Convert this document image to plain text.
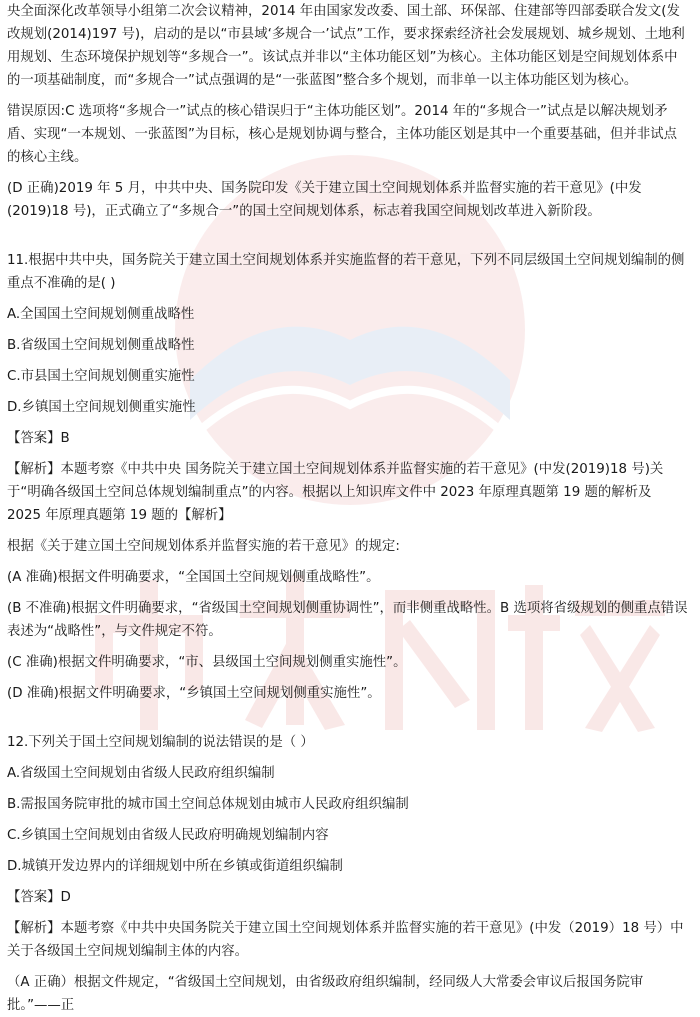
央全面深化改革领导小组第二次会议精神，2014 年由国家发改委、国土部、环保部、住建部等四部委联合发文(发改规划(2014)197 号)，启动的是以“市县域‘多规合一’试点”工作，要求探索经济社会发展规划、城乡规划、土地利用规划、生态环境保护规划等“多规合一”。该试点并非以“主体功能区划”为核心。主体功能区划是空间规划体系中的一项基础制度，而“多规合一”试点强调的是“一张蓝图”整合多个规划，而非单一以主体功能区划为核心。

错误原因:C 选项将“多规合一”试点的核心错误归于“主体功能区划”。2014 年的“多规合一”试点是以解决规划矛盾、实现“一本规划、一张蓝图”为目标，核心是规划协调与整合，主体功能区划是其中一个重要基础，但并非试点的核心主线。

(D 正确)2019 年 5 月，中共中央、国务院印发《关于建立国土空间规划体系并监督实施的若干意见》(中发(2019)18 号)，正式确立了“多规合一”的国土空间规划体系，标志着我国空间规划改革进入新阶段。

11.根据中共中央，国务院关于建立国土空间规划体系并实施监督的若干意见，下列不同层级国土空间规划编制的侧重点不准确的是( )

A.全国国土空间规划侧重战略性

B.省级国土空间规划侧重战略性

C.市县国土空间规划侧重实施性

D.乡镇国土空间规划侧重实施性

【答案】B

【解析】本题考察《中共中央 国务院关于建立国土空间规划体系并监督实施的若干意见》(中发(2019)18 号)关于“明确各级国土空间总体规划编制重点”的内容。根据以上知识库文件中 2023 年原理真题第 19 题的解析及 2025 年原理真题第 19 题的【解析】

根据《关于建立国土空间规划体系并监督实施的若干意见》的规定:

(A 准确)根据文件明确要求，“全国国土空间规划侧重战略性”。

(B 不准确)根据文件明确要求，“省级国土空间规划侧重协调性”，而非侧重战略性。B 选项将省级规划的侧重点错误表述为“战略性”，与文件规定不符。

(C 准确)根据文件明确要求，“市、县级国土空间规划侧重实施性”。

(D 准确)根据文件明确要求，“乡镇国土空间规划侧重实施性”。

12.下列关于国土空间规划编制的说法错误的是（ ）

A.省级国土空间规划由省级人民政府组织编制

B.需报国务院审批的城市国土空间总体规划由城市人民政府组织编制

C.乡镇国土空间规划由省级人民政府明确规划编制内容

D.城镇开发边界内的详细规划中所在乡镇或街道组织编制

【答案】D

【解析】本题考察《中共中央国务院关于建立国土空间规划体系并监督实施的若干意见》(中发（2019）18 号）中关于各级国土空间规划编制主体的内容。

（A 正确）根据文件规定，“省级国土空间规划，由省级政府组织编制，经同级人大常委会审议后报国务院审批。”——正
